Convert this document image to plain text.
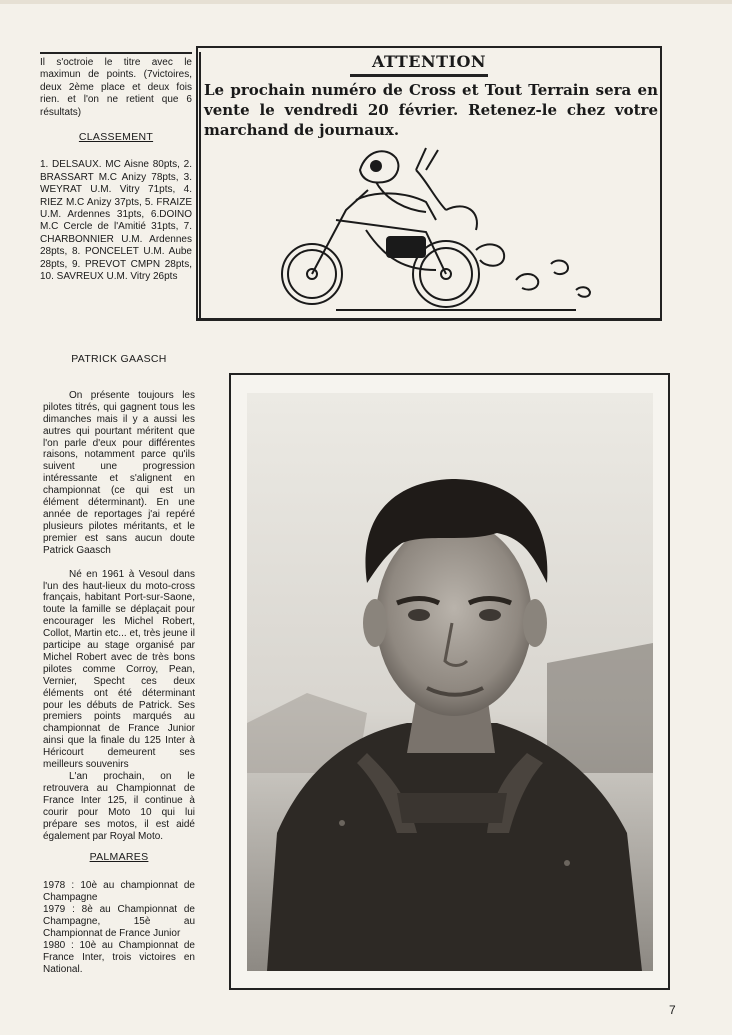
Il s'octroie le titre avec le maximun de points. (7victoires, deux 2ème place et deux fois rien. et l'on ne retient que 6 résultats)

CLASSEMENT

1. DELSAUX. MC Aisne 80pts, 2. BRASSART M.C Anizy 78pts, 3. WEYRAT U.M. Vitry 71pts, 4. RIEZ M.C Anizy 37pts, 5. FRAIZE U.M. Ardennes 31pts, 6.DOINO M.C Cercle de l'Amitié 31pts, 7. CHARBONNIER U.M. Ardennes 28pts, 8. PONCELET U.M. Aube 28pts, 9. PREVOT CMPN 28pts, 10. SAVREUX U.M. Vitry 26pts

ATTENTION
Le prochain numéro de Cross et Tout Terrain sera en vente le vendredi 20 février. Retenez-le chez votre marchand de journaux.
PATRICK GAASCH

On présente toujours les pilotes titrés, qui gagnent tous les dimanches mais il y a aussi les autres qui pourtant méritent que l'on parle d'eux pour différentes raisons, notamment parce qu'ils suivent une progression intéressante et s'alignent en championnat (ce qui est un élément déterminant). En une année de reportages j'ai repéré plusieurs pilotes méritants, et le premier est sans aucun doute Patrick Gaasch

Né en 1961 à Vesoul dans l'un des haut-lieux du moto-cross français, habitant Port-sur-Saone, toute la famille se déplaçait pour encourager les Michel Robert, Collot, Martin etc... et, très jeune il participe au stage organisé par Michel Robert avec de très bons pilotes comme Corroy, Pean, Vernier, Specht ces deux éléments ont été déterminant pour les débuts de Patrick. Ses premiers points marqués au championnat de France Junior ainsi que la finale du 125 Inter à Héricourt demeurent ses meilleurs souvenirs

L'an prochain, on le retrouvera au Championnat de France Inter 125, il continue à courir pour Moto 10 qui lui prépare ses motos, il est aidé également par Royal Moto.

PALMARES

1978 : 10è au championnat de Champagne

1979 : 8è au Championnat de Champagne, 15è au Championnat de France Junior

1980 : 10è au Championnat de France Inter, trois victoires en National.

7
